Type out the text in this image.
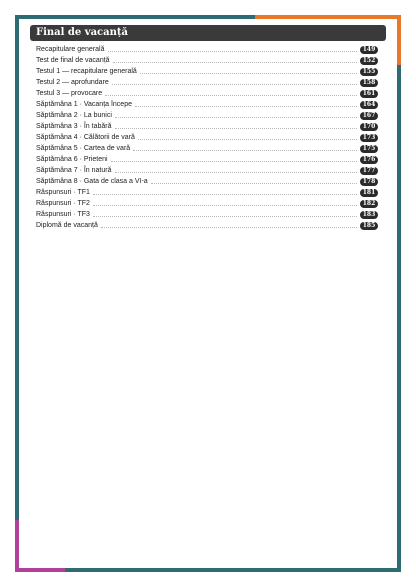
Final de vacanță
Recapitulare generală	149
Test de final de vacanță	152
Testul 1 — recapitulare generală	155
Testul 2 — aprofundare	158
Testul 3 — provocare	161
Săptămâna 1 · Vacanța începe	164
Săptămâna 2 · La bunici	167
Săptămâna 3 · În tabără	170
Săptămâna 4 · Călătorii de vară	173
Săptămâna 5 · Cartea de vară	175
Săptămâna 6 · Prieteni	176
Săptămâna 7 · În natură	177
Săptămâna 8 · Gata de clasa a VI-a	178
Răspunsuri · TF1	181
Răspunsuri · TF2	182
Răspunsuri · TF3	183
Diplomă de vacanță	185
